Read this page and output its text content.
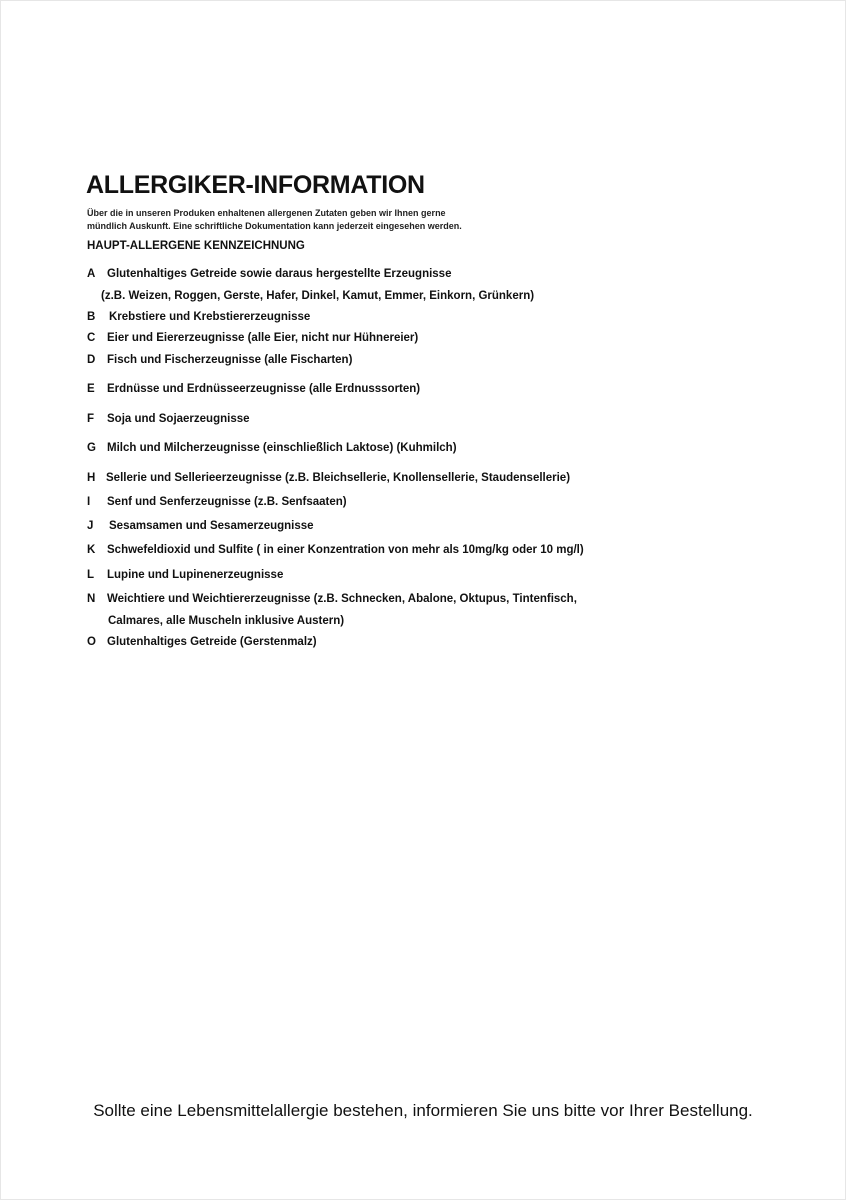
ALLERGIKER-INFORMATION
Über die in unseren Produken enhaltenen allergenen Zutaten geben wir Ihnen gerne
mündlich Auskunft. Eine schriftliche Dokumentation kann jederzeit eingesehen werden.
HAUPT-ALLERGENE KENNZEICHNUNG
A Glutenhaltiges Getreide sowie daraus hergestellte Erzeugnisse
(z.B. Weizen, Roggen, Gerste, Hafer, Dinkel, Kamut, Emmer, Einkorn, Grünkern)
B Krebstiere und Krebstiererzeugnisse
C Eier und Eiererzeugnisse (alle Eier, nicht nur Hühnereier)
D Fisch und Fischerzeugnisse (alle Fischarten)
E Erdnüsse und Erdnüsseerzeugnisse (alle Erdnusssorten)
F Soja und Sojaerzeugnisse
G Milch und Milcherzeugnisse (einschließlich Laktose) (Kuhmilch)
H Sellerie und Sellerieerzeugnisse (z.B. Bleichsellerie, Knollensellerie, Staudensellerie)
I Senf und Senferzeugnisse (z.B. Senfsaaten)
J Sesamsamen und Sesamerzeugnisse
K Schwefeldioxid und Sulfite ( in einer Konzentration von mehr als 10mg/kg oder 10 mg/l)
L Lupine und Lupinenerzeugnisse
N Weichtiere und Weichtiererzeugnisse (z.B. Schnecken, Abalone, Oktupus, Tintenfisch,
Calmares, alle Muscheln inklusive Austern)
O Glutenhaltiges Getreide (Gerstenmalz)
Sollte eine Lebensmittelallergie bestehen, informieren Sie uns bitte vor Ihrer Bestellung.
